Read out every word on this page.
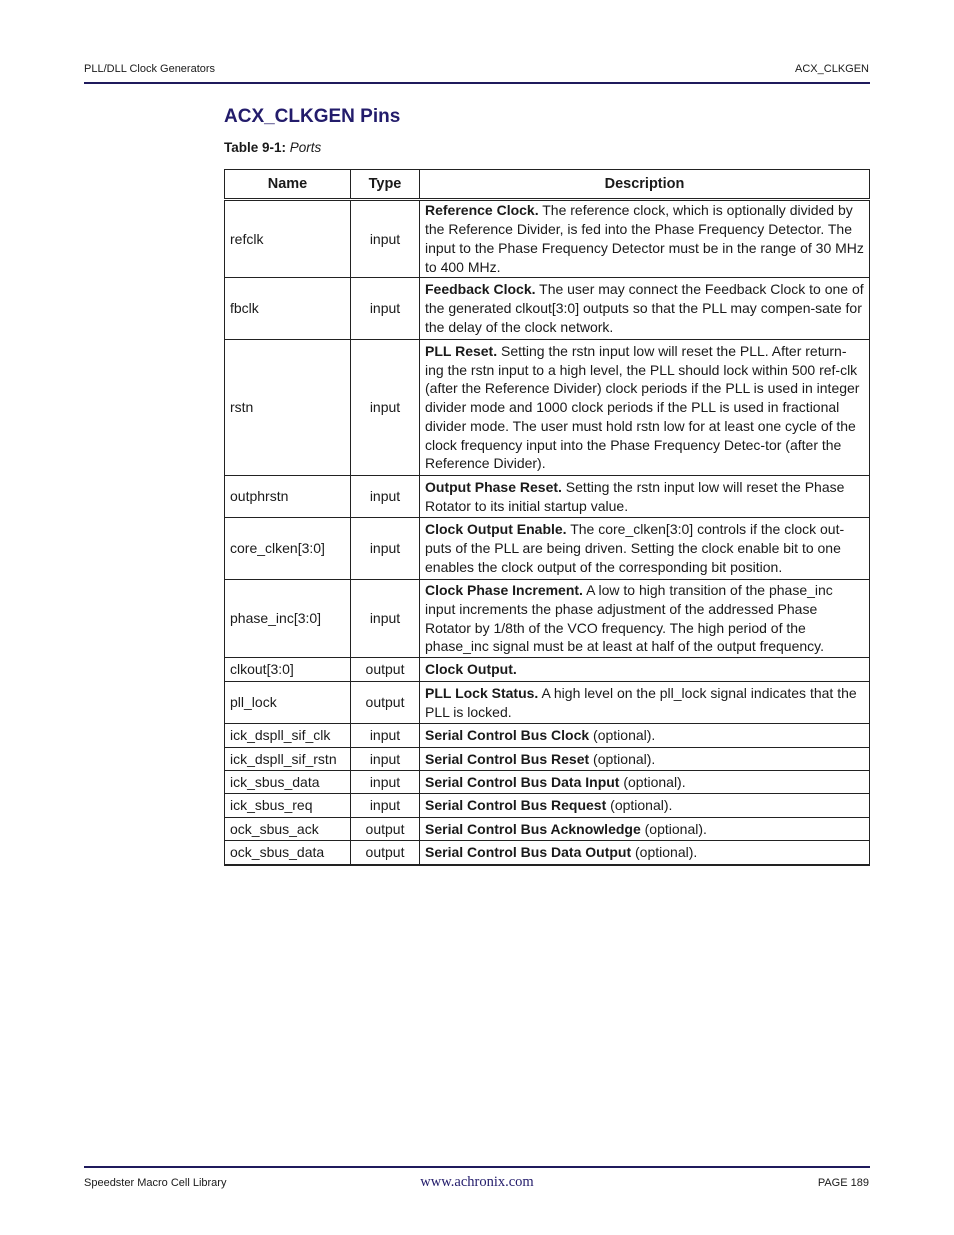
PLL/DLL Clock Generators	ACX_CLKGEN
ACX_CLKGEN Pins
Table 9-1: Ports
Name	Type	Description
refclk	input	Reference Clock. The reference clock, which is optionally divided by the Reference Divider, is fed into the Phase Frequency Detector. The input to the Phase Frequency Detector must be in the range of 30 MHz to 400 MHz.
fbclk	input	Feedback Clock. The user may connect the Feedback Clock to one of the generated clkout[3:0] outputs so that the PLL may compen-sate for the delay of the clock network.
rstn	input	PLL Reset. Setting the rstn input low will reset the PLL. After return-ing the rstn input to a high level, the PLL should lock within 500 ref-clk (after the Reference Divider) clock periods if the PLL is used in integer divider mode and 1000 clock periods if the PLL is used in fractional divider mode. The user must hold rstn low for at least one cycle of the clock frequency input into the Phase Frequency Detec-tor (after the Reference Divider).
outphrstn	input	Output Phase Reset. Setting the rstn input low will reset the Phase Rotator to its initial startup value.
core_clken[3:0]	input	Clock Output Enable. The core_clken[3:0] controls if the clock out-puts of the PLL are being driven. Setting the clock enable bit to one enables the clock output of the corresponding bit position.
phase_inc[3:0]	input	Clock Phase Increment. A low to high transition of the phase_inc input increments the phase adjustment of the addressed Phase Rotator by 1/8th of the VCO frequency. The high period of the phase_inc signal must be at least at half of the output frequency.
clkout[3:0]	output	Clock Output.
pll_lock	output	PLL Lock Status. A high level on the pll_lock signal indicates that the PLL is locked.
ick_dspll_sif_clk	input	Serial Control Bus Clock (optional).
ick_dspll_sif_rstn	input	Serial Control Bus Reset (optional).
ick_sbus_data	input	Serial Control Bus Data Input (optional).
ick_sbus_req	input	Serial Control Bus Request (optional).
ock_sbus_ack	output	Serial Control Bus Acknowledge (optional).
ock_sbus_data	output	Serial Control Bus Data Output (optional).
Speedster Macro Cell Library	www.achronix.com	PAGE 189
